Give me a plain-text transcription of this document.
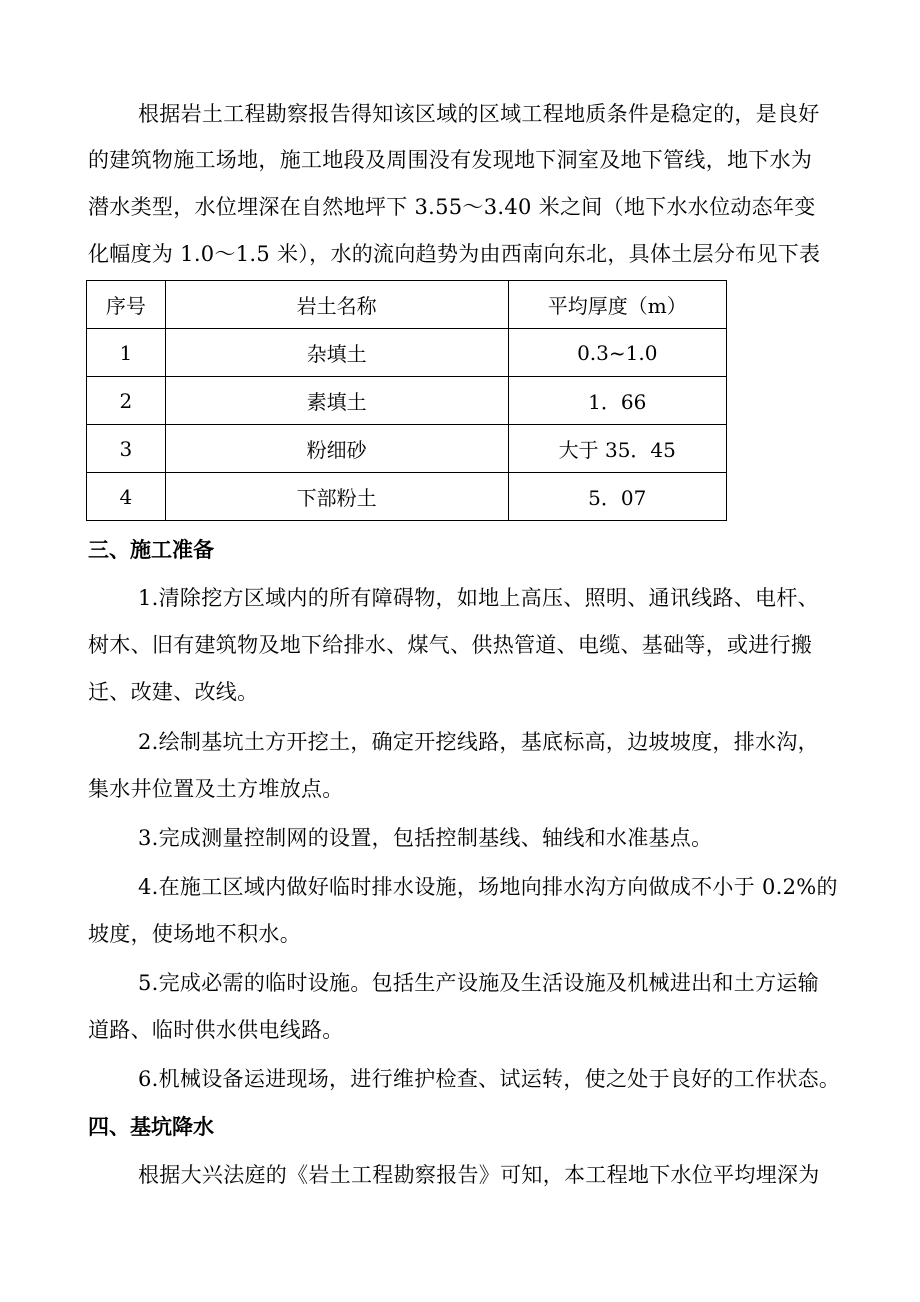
根据岩土工程勘察报告得知该区域的区域工程地质条件是稳定的，是良好
的建筑物施工场地，施工地段及周围没有发现地下洞室及地下管线，地下水为
潜水类型，水位埋深在自然地坪下 3.55～3.40 米之间（地下水水位动态年变
化幅度为 1.0～1.5 米），水的流向趋势为由西南向东北，具体土层分布见下表
序号	岩土名称	平均厚度（m）
1	杂填土	0.3~1.0
2	素填土	1．66
3	粉细砂	大于 35．45
4	下部粉土	5．07
三、施工准备
1.清除挖方区域内的所有障碍物，如地上高压、照明、通讯线路、电杆、
树木、旧有建筑物及地下给排水、煤气、供热管道、电缆、基础等，或进行搬
迁、改建、改线。
2.绘制基坑土方开挖土，确定开挖线路，基底标高，边坡坡度，排水沟，
集水井位置及土方堆放点。
3.完成测量控制网的设置，包括控制基线、轴线和水准基点。
4.在施工区域内做好临时排水设施，场地向排水沟方向做成不小于 0.2%的
坡度，使场地不积水。
5.完成必需的临时设施。包括生产设施及生活设施及机械进出和土方运输
道路、临时供水供电线路。
6.机械设备运进现场，进行维护检查、试运转，使之处于良好的工作状态。
四、基坑降水
根据大兴法庭的《岩土工程勘察报告》可知，本工程地下水位平均埋深为
